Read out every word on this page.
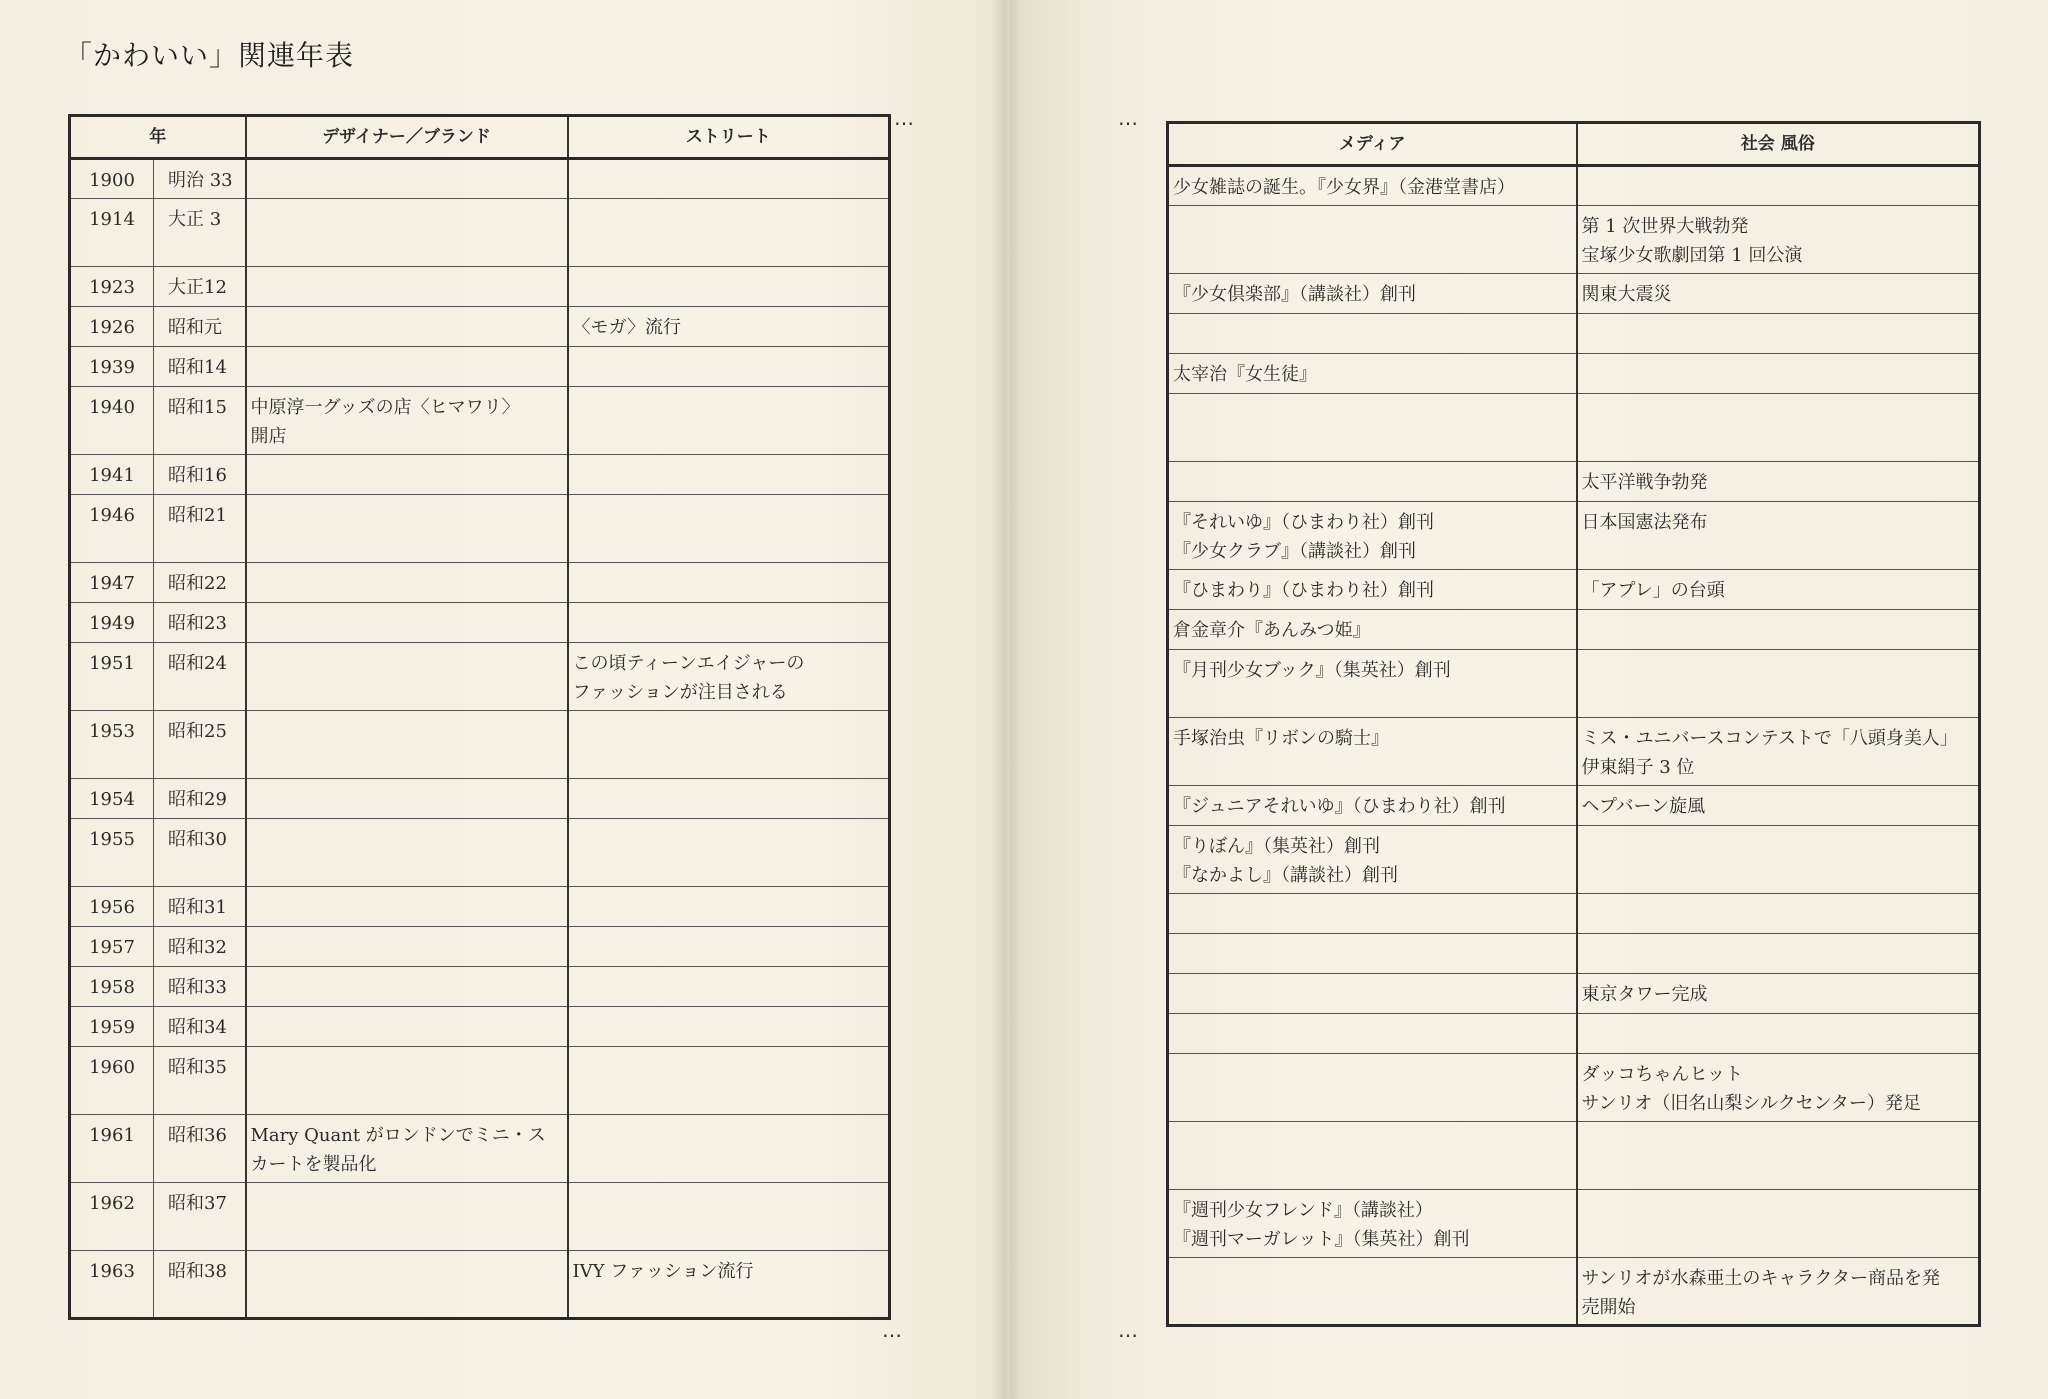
「かわいい」関連年表
年		デザイナー／ブランド	ストリート
1900	明治 33		
1914	大正 3		
1923	大正12		
1926	昭和元		〈モガ〉流行
1939	昭和14		
1940	昭和15	中原淳一グッズの店〈ヒマワリ〉
開店	
1941	昭和16		
1946	昭和21		
1947	昭和22		
1949	昭和23		
1951	昭和24		この頃ティーンエイジャーの
ファッションが注目される
1953	昭和25		
1954	昭和29		
1955	昭和30		
1956	昭和31		
1957	昭和32		
1958	昭和33		
1959	昭和34		
1960	昭和35		
1961	昭和36	Mary Quant がロンドンでミニ・ス
カートを製品化	
1962	昭和37		
1963	昭和38		IVY ファッション流行
…
…
メディア	社会 風俗
少女雑誌の誕生。『少女界』（金港堂書店）	
	第 1 次世界大戦勃発
宝塚少女歌劇団第 1 回公演
『少女倶楽部』（講談社）創刊	関東大震災

太宰治『女生徒』	

	太平洋戦争勃発
『それいゆ』（ひまわり社）創刊
『少女クラブ』（講談社）創刊	日本国憲法発布
『ひまわり』（ひまわり社）創刊	「アプレ」の台頭
倉金章介『あんみつ姫』	
『月刊少女ブック』（集英社）創刊	
手塚治虫『リボンの騎士』	ミス・ユニバースコンテストで「八頭身美人」
伊東絹子 3 位
『ジュニアそれいゆ』（ひまわり社）創刊	ヘプバーン旋風
『りぼん』（集英社）創刊
『なかよし』（講談社）創刊	

	東京タワー完成

	ダッコちゃんヒット
サンリオ（旧名山梨シルクセンター）発足

『週刊少女フレンド』（講談社）
『週刊マーガレット』（集英社）創刊	
	サンリオが水森亜土のキャラクター商品を発
売開始
…
…
